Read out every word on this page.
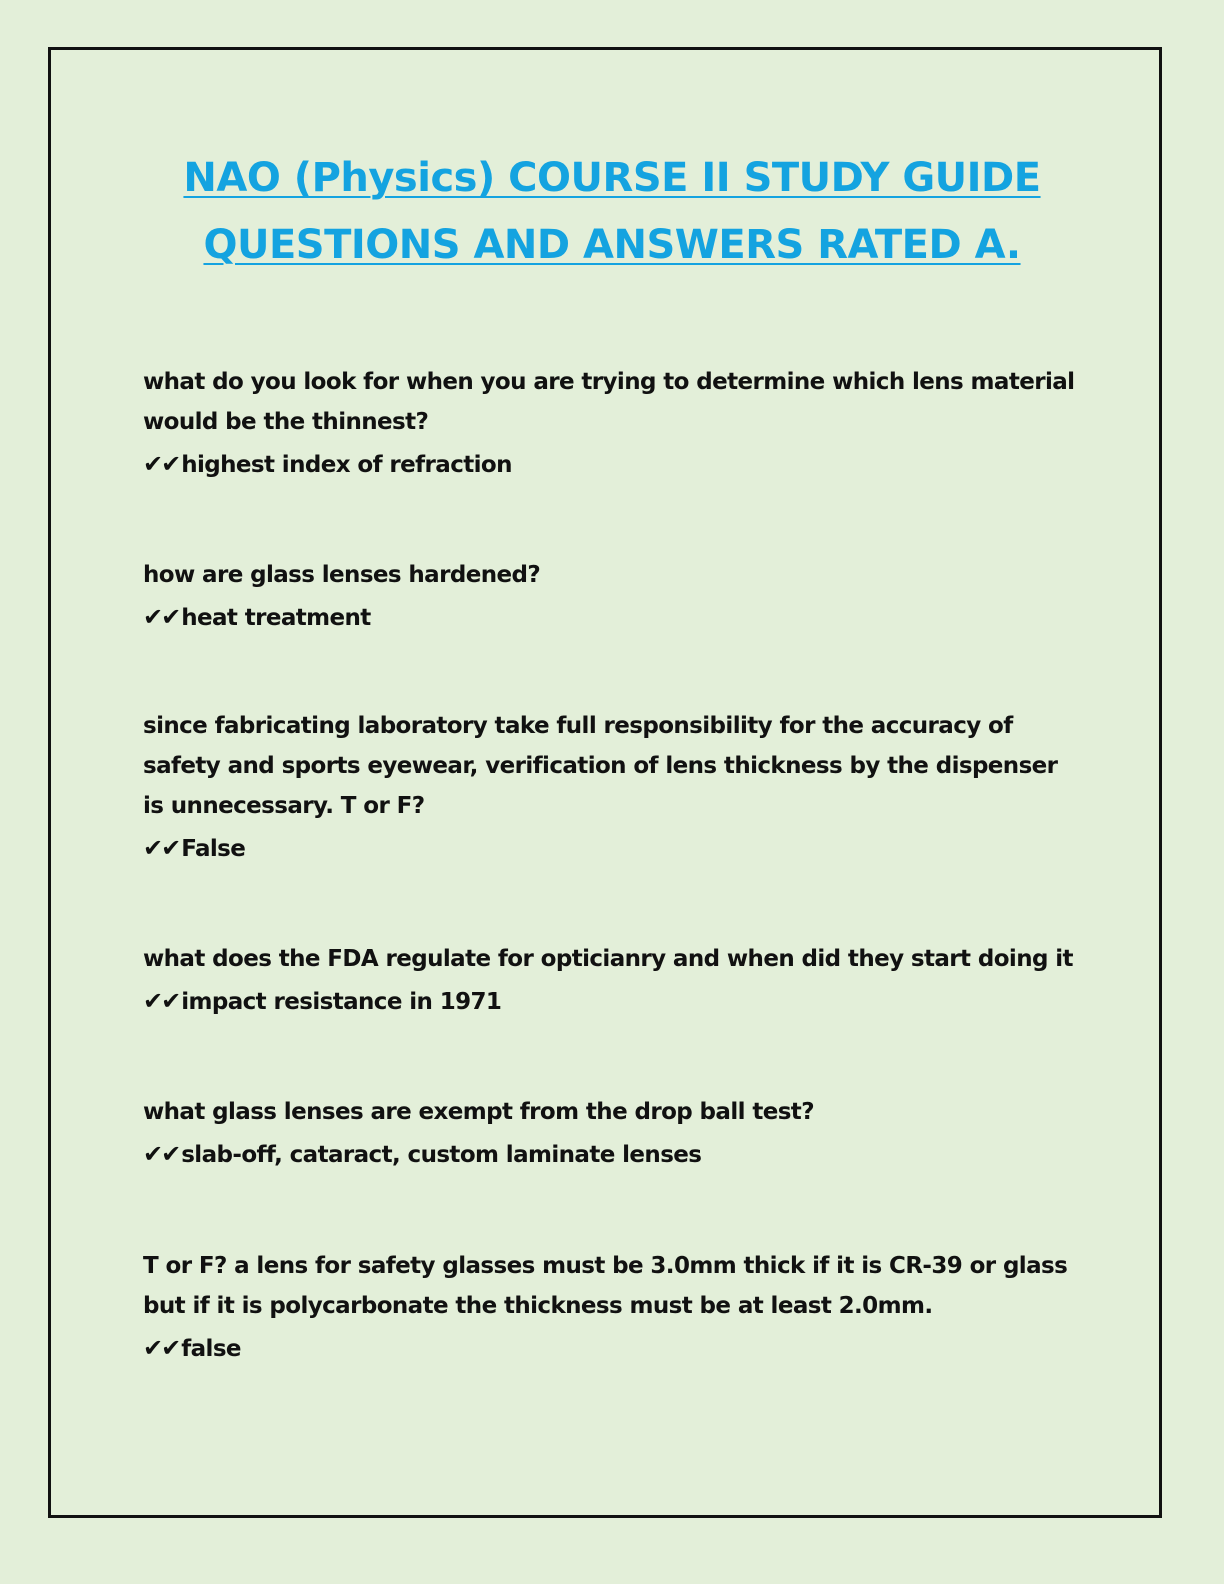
NAO (Physics) COURSE II STUDY GUIDE
QUESTIONS AND ANSWERS RATED A.

what do you look for when you are trying to determine which lens material would be the thinnest?

✔✔ highest index of refraction

how are glass lenses hardened?

✔✔ heat treatment

since fabricating laboratory take full responsibility for the accuracy of safety and sports eyewear, verification of lens thickness by the dispenser is unnecessary. T or F?

✔✔ False

what does the FDA regulate for opticianry and when did they start doing it

✔✔ impact resistance in 1971

what glass lenses are exempt from the drop ball test?

✔✔ slab-off, cataract, custom laminate lenses

T or F? a lens for safety glasses must be 3.0mm thick if it is CR-39 or glass but if it is polycarbonate the thickness must be at least 2.0mm.

✔✔ false
